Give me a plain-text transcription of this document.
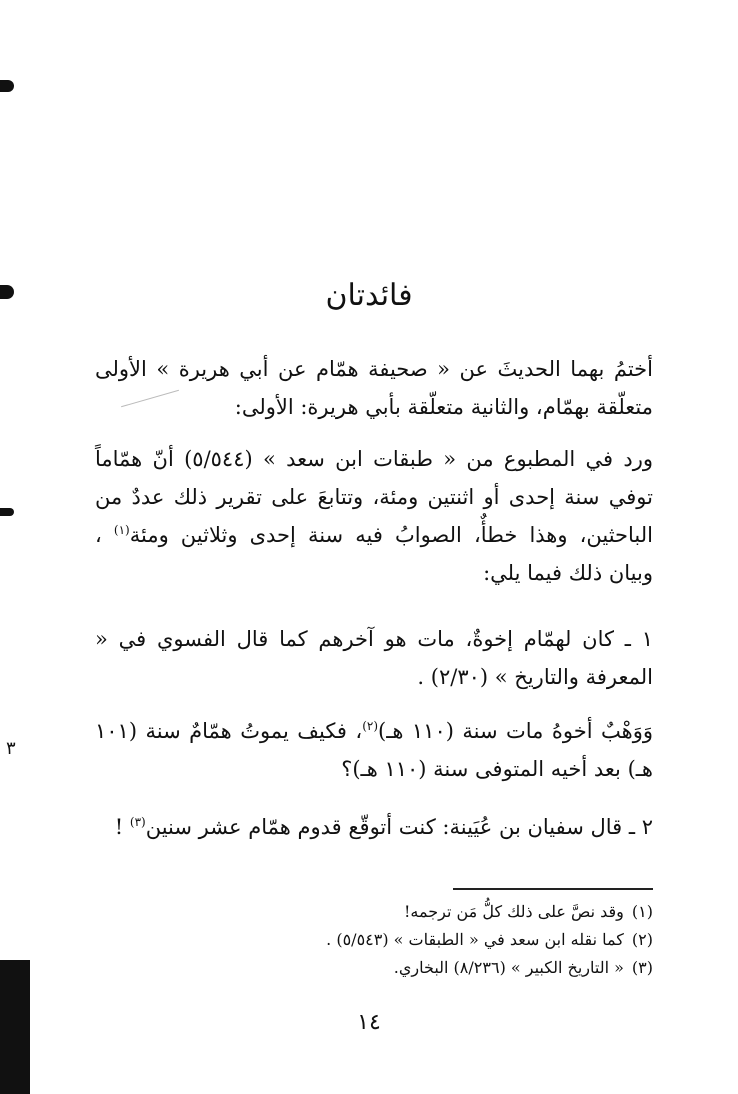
۳
فائدتان
أختمُ بهما الحديثَ عن « صحيفة همّام عن أبي هريرة » الأولى متعلّقة بهمّام، والثانية متعلّقة بأبي هريرة: الأولى:
ورد في المطبوع من « طبقات ابن سعد » (٥/٥٤٤) أنّ همّاماً توفي سنة إحدى أو اثنتين ومئة، وتتابعَ على تقرير ذلك عددٌ من الباحثين، وهذا خطأٌ، الصوابُ فيه سنة إحدى وثلاثين ومئة$^{(١)}$ ، وبيان ذلك فيما يلي:
١ ـ كان لهمّام إخوةٌ، مات هو آخرهم كما قال الفسوي في « المعرفة والتاريخ » (٢/٣٠) .
وَوَهْبٌ أخوهُ مات سنة (١١٠ هـ)$^{(٢)}$، فكيف يموتُ همّامٌ سنة (١٠١ هـ) بعد أخيه المتوفى سنة (١١٠ هـ)؟
٢ ـ قال سفيان بن عُيَينة: كنت أتوقّع قدوم همّام عشر سنين$^{(٣)}$ !
(١)وقد نصَّ على ذلك كلُّ مَن ترجمه!
(٢)كما نقله ابن سعد في « الطبقات » (٥/٥٤٣) .
(٣)« التاريخ الكبير » (٨/٢٣٦) البخاري.
١٤
